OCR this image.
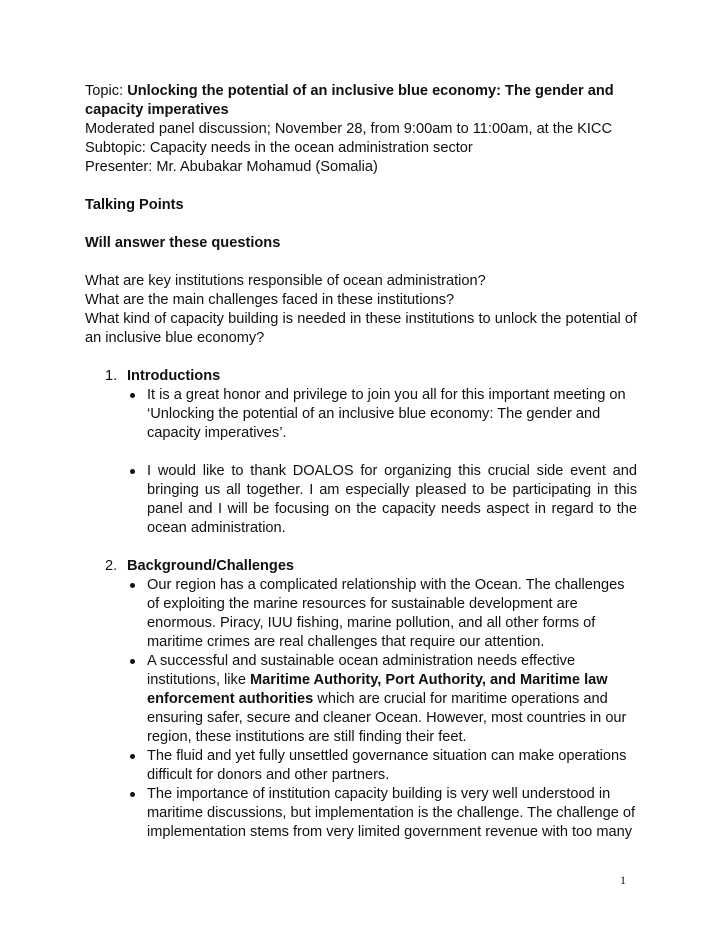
Topic: Unlocking the potential of an inclusive blue economy: The gender and capacity imperatives

Moderated panel discussion; November 28, from 9:00am to 11:00am, at the KICC

Subtopic: Capacity needs in the ocean administration sector

Presenter: Mr. Abubakar Mohamud (Somalia)

Talking Points

Will answer these questions

What are key institutions responsible of ocean administration?

What are the main challenges faced in these institutions?

What kind of capacity building is needed in these institutions to unlock the potential of an inclusive blue economy?

1. Introductions

It is a great honor and privilege to join you all for this important meeting on ‘Unlocking the potential of an inclusive blue economy: The gender and capacity imperatives’.
I would like to thank DOALOS for organizing this crucial side event and bringing us all together. I am especially pleased to be participating in this panel and I will be focusing on the capacity needs aspect in regard to the ocean administration.
2. Background/Challenges

Our region has a complicated relationship with the Ocean. The challenges of exploiting the marine resources for sustainable development are enormous. Piracy, IUU fishing, marine pollution, and all other forms of maritime crimes are real challenges that require our attention.
A successful and sustainable ocean administration needs effective institutions, like Maritime Authority, Port Authority, and Maritime law enforcement authorities which are crucial for maritime operations and ensuring safer, secure and cleaner Ocean. However, most countries in our region, these institutions are still finding their feet.
The fluid and yet fully unsettled governance situation can make operations difficult for donors and other partners.
The importance of institution capacity building is very well understood in maritime discussions, but implementation is the challenge. The challenge of implementation stems from very limited government revenue with too many
1
